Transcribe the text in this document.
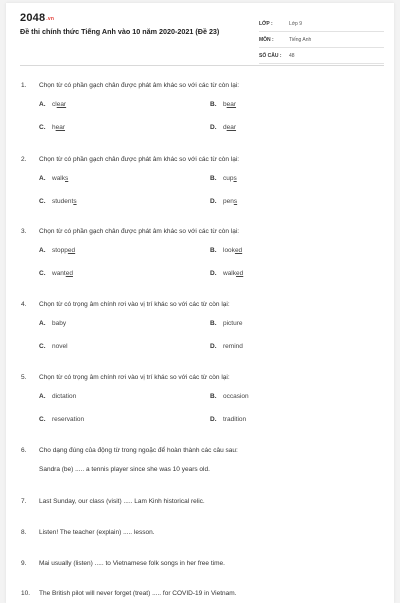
2048.vn
Đề thi chính thức Tiếng Anh vào 10 năm 2020-2021 (Đề 23)
LỚP :	Lớp 9
MÔN :	Tiếng Anh
SỐ CÂU :	48
1.	Chọn từ có phần gạch chân được phát âm khác so với các từ còn lại:
A.	clear	B.	bear
C.	hear	D.	dear
2.	Chọn từ có phần gạch chân được phát âm khác so với các từ còn lại:
A.	walks	B.	cups
C.	students	D.	pens
3.	Chọn từ có phần gạch chân được phát âm khác so với các từ còn lại:
A.	stopped	B.	looked
C.	wanted	D.	walked
4.	Chọn từ có trọng âm chính rơi vào vị trí khác so với các từ còn lại:
A.	baby	B.	picture
C.	novel	D.	remind
5.	Chọn từ có trọng âm chính rơi vào vị trí khác so với các từ còn lại:
A.	dictation	B.	occasion
C.	reservation	D.	tradition
6.	Cho dạng đúng của động từ trong ngoặc để hoàn thành các câu sau:
Sandra (be) ..... a tennis player since she was 10 years old.
7.	Last Sunday, our class (visit) ..... Lam Kinh historical relic.
8.	Listen! The teacher (explain) ..... lesson.
9.	Mai usually (listen) ..... to Vietnamese folk songs in her free time.
10.	The British pilot will never forget (treat) ..... for COVID-19 in Vietnam.
